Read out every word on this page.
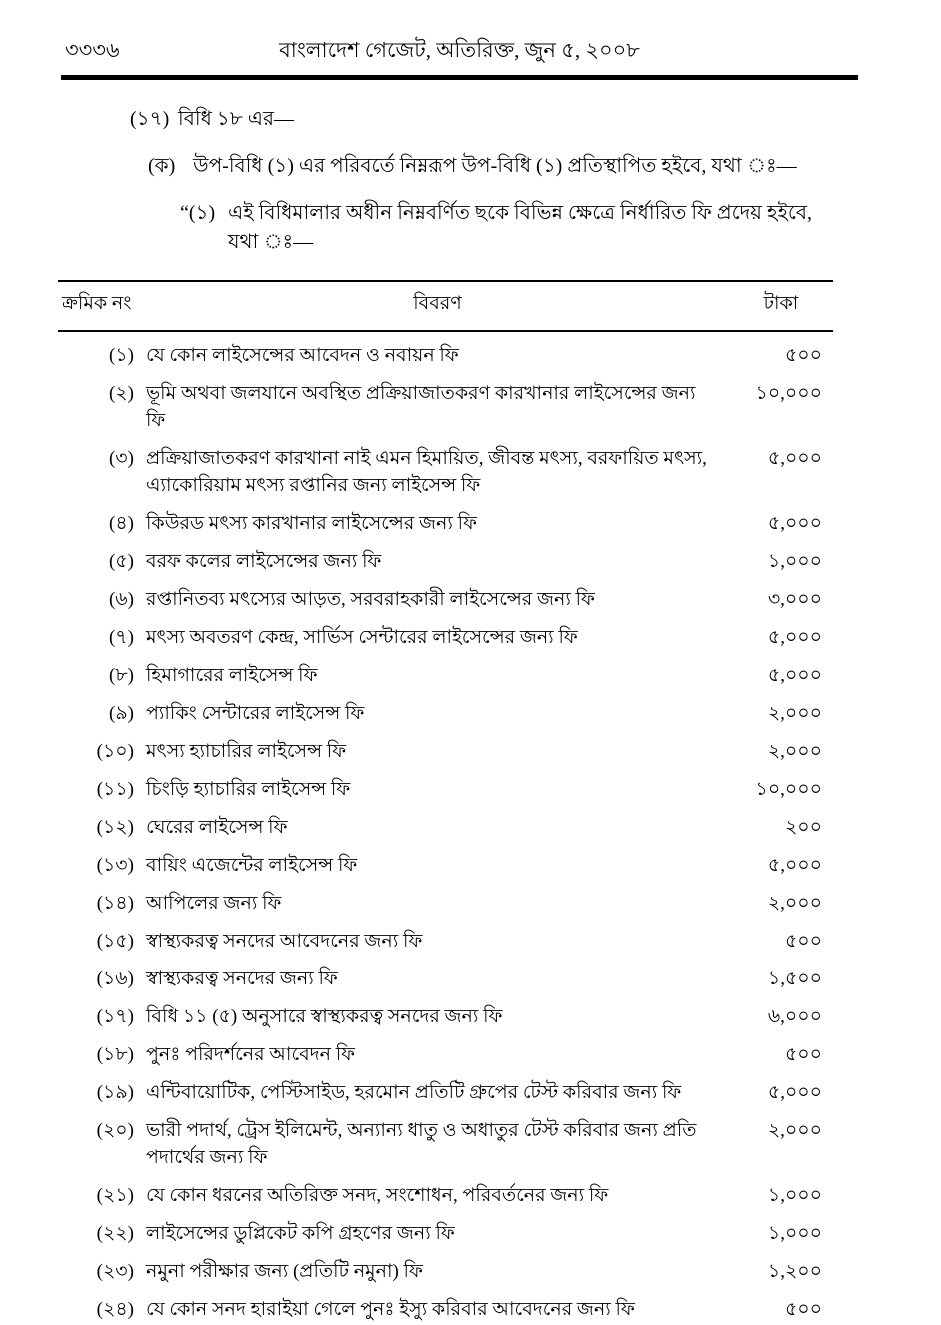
৩৩৩৬	বাংলাদেশ গেজেট, অতিরিক্ত, জুন ৫, ২০০৮
(১৭) বিধি ১৮ এর—
(ক) উপ-বিধি (১) এর পরিবর্তে নিম্নরূপ উপ-বিধি (১) প্রতিস্থাপিত হইবে, যথা ঃ—
“(১) এই বিধিমালার অধীন নিম্নবর্ণিত ছকে বিভিন্ন ক্ষেত্রে নির্ধারিত ফি প্রদেয় হইবে,
যথা ঃ—
ক্রমিক নং	বিবরণ	টাকা
(১) যে কোন লাইসেন্সের আবেদন ও নবায়ন ফি	৫০০
(২) ভূমি অথবা জলযানে অবস্থিত প্রক্রিয়াজাতকরণ কারখানার লাইসেন্সের জন্য ফি
১০,০০০
(৩) প্রক্রিয়াজাতকরণ কারখানা নাই এমন হিমায়িত, জীবন্ত মৎস্য, বরফায়িত মৎস্য, এ্যাকোরিয়াম মৎস্য রপ্তানির জন্য লাইসেন্স ফি
৫,০০০
(৪) কিউরড মৎস্য কারখানার লাইসেন্সের জন্য ফি	৫,০০০
(৫) বরফ কলের লাইসেন্সের জন্য ফি	১,০০০
(৬) রপ্তানিতব্য মৎস্যের আড়ত, সরবরাহকারী লাইসেন্সের জন্য ফি	৩,০০০
(৭) মৎস্য অবতরণ কেন্দ্র, সার্ভিস সেন্টারের লাইসেন্সের জন্য ফি	৫,০০০
(৮) হিমাগারের লাইসেন্স ফি	৫,০০০
(৯) প্যাকিং সেন্টারের লাইসেন্স ফি	২,০০০
(১০) মৎস্য হ্যাচারির লাইসেন্স ফি	২,০০০
(১১) চিংড়ি হ্যাচারির লাইসেন্স ফি	১০,০০০
(১২) ঘেরের লাইসেন্স ফি	২০০
(১৩) বায়িং এজেন্টের লাইসেন্স ফি	৫,০০০
(১৪) আপিলের জন্য ফি	২,০০০
(১৫) স্বাস্থ্যকরত্ব সনদের আবেদনের জন্য ফি	৫০০
(১৬) স্বাস্থ্যকরত্ব সনদের জন্য ফি	১,৫০০
(১৭) বিধি ১১ (৫) অনুসারে স্বাস্থ্যকরত্ব সনদের জন্য ফি	৬,০০০
(১৮) পুনঃ পরিদর্শনের আবেদন ফি	৫০০
(১৯) এন্টিবায়োটিক, পেস্টিসাইড, হরমোন প্রতিটি গ্রুপের টেস্ট করিবার জন্য ফি	৫,০০০
(২০) ভারী পদার্থ, ট্রেস ইলিমেন্ট, অন্যান্য ধাতু ও অধাতুর টেস্ট করিবার জন্য প্রতি পদার্থের জন্য ফি
২,০০০
(২১) যে কোন ধরনের অতিরিক্ত সনদ, সংশোধন, পরিবর্তনের জন্য ফি	১,০০০
(২২) লাইসেন্সের ডুপ্লিকেট কপি গ্রহণের জন্য ফি	১,০০০
(২৩) নমুনা পরীক্ষার জন্য (প্রতিটি নমুনা) ফি	১,২০০
(২৪) যে কোন সনদ হারাইয়া গেলে পুনঃ ইস্যু করিবার আবেদনের জন্য ফি	৫০০
